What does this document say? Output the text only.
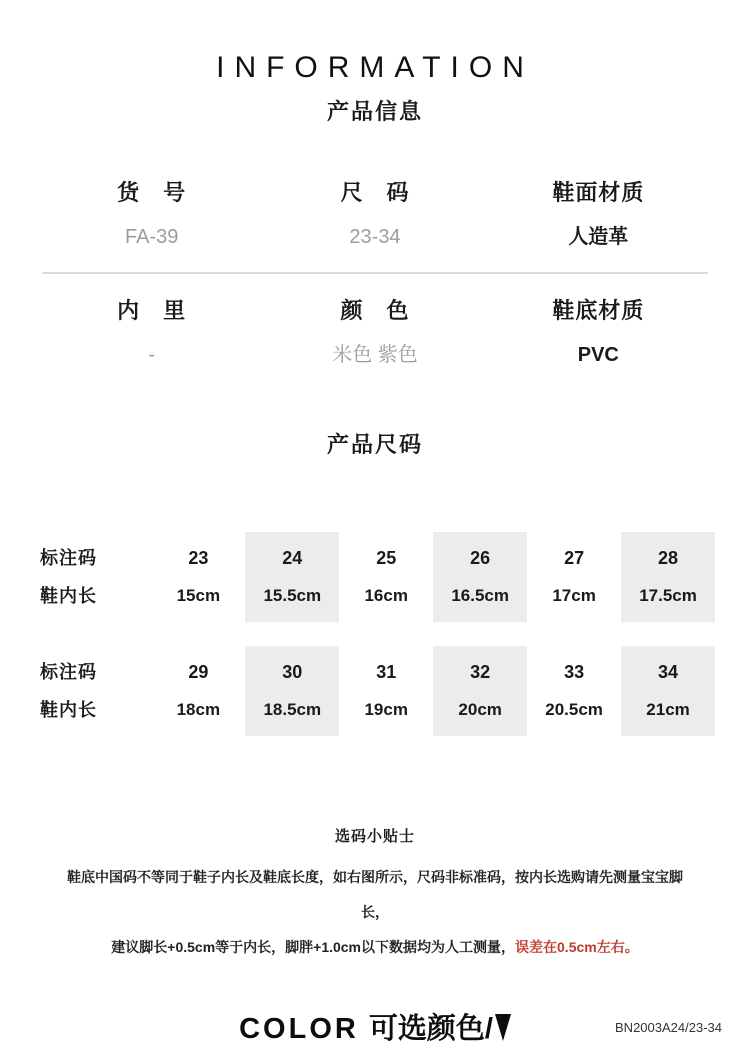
INFORMATION
产品信息
货　号
FA-39
尺　码
23-34
鞋面材质
人造革
内　里
-
颜　色
米色 紫色
鞋底材质
PVC
产品尺码
标注码
鞋内长
23
15cm
24
15.5cm
25
16cm
26
16.5cm
27
17cm
28
17.5cm
标注码
鞋内长
29
18cm
30
18.5cm
31
19cm
32
20cm
33
20.5cm
34
21cm
选码小贴士
鞋底中国码不等同于鞋子内长及鞋底长度，如右图所示，尺码非标准码，按内长选购请先测量宝宝脚长，
建议脚长+0.5cm等于内长，脚胖+1.0cm以下数据均为人工测量，误差在0.5cm左右。
COLOR 可选颜色/	BN2003A24/23-34
